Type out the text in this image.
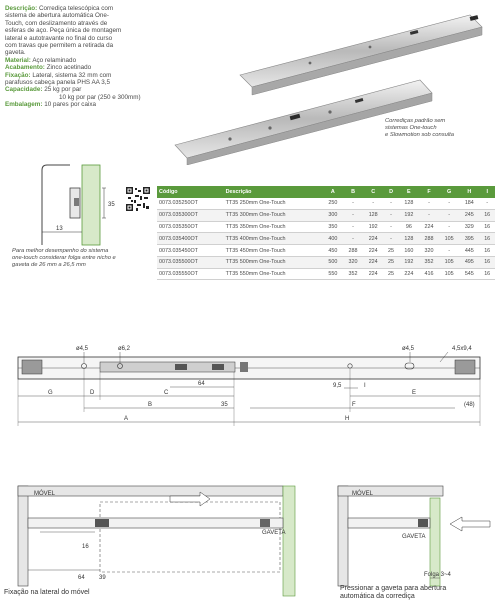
Descrição: Corrediça telescópica com

sistema de abertura automática One-

Touch, com deslizamento através de

esferas de aço. Peça única de montagem

lateral e autotravante no final do curso

com travas que permitem a retirada da

gaveta.

Material: Aço relaminado

Acabamento: Zinco acetinado

Fixação: Lateral, sistema 32 mm com

parafusos cabeça panela PHS AA 3,5

Capacidade: 25 kg por par

10 kg por par (250 e 300mm)

Embalagem: 10 pares por caixa

Corrediças padrão sem
sistemas One-touch
e Slowmotion sob consulta
35
13
Para melhor desempenho do sistema
one-touch considerar folga entre nicho e
gaveta de 26 mm a 26,5 mm
Código	Descrição	A	B	C	D	E	F	G	H	I
0073.035250OT	TT35 250mm One-Touch	250	-	-	-	128	-	-	184	-
0073.035300OT	TT35 300mm One-Touch	300	-	128	-	192	-	-	245	16
0073.035350OT	TT35 350mm One-Touch	350	-	192	-	96	224	-	329	16
0073.035400OT	TT35 400mm One-Touch	400	-	224	-	128	288	105	395	16
0073.035450OT	TT35 450mm One-Touch	450	288	224	25	160	320	-	445	16
0073.035500OT	TT35 500mm One-Touch	500	320	224	25	192	352	105	495	16
0073.035550OT	TT35 550mm One-Touch	550	352	224	25	224	416	105	545	16
ø4,5	ø6,2	ø4,5	4,5x9,4
64	9,5	I
G	D	C	E
B	35	F	(48)
A	H
MÓVEL
GAVETA
16
64 39
Fixação na lateral do móvel
MÓVEL
GAVETA
Folga 3~4
Pressionar a gaveta para abertura
automática da corrediça
